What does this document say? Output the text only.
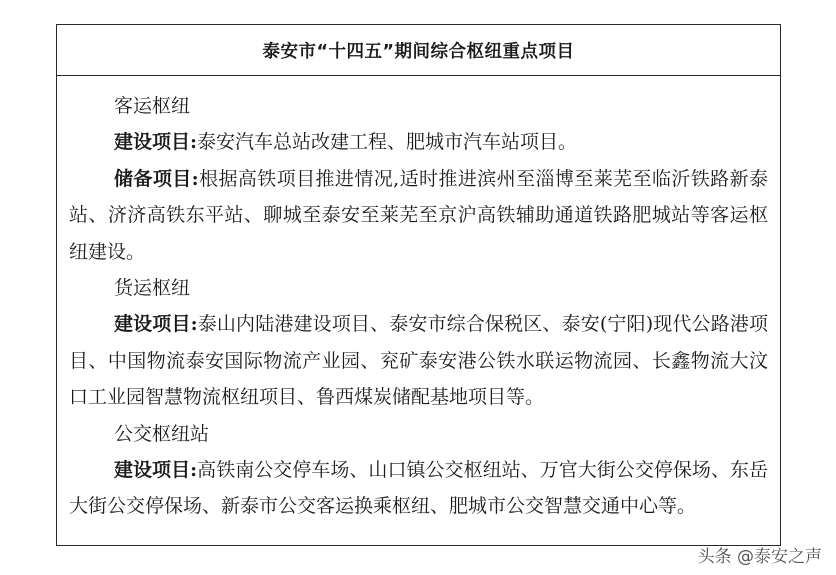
泰安市“十四五”期间综合枢纽重点项目
客运枢纽
建设项目:泰安汽车总站改建工程、肥城市汽车站项目。
储备项目:根据高铁项目推进情况,适时推进滨州至淄博至莱芜至临沂铁路新泰站、济济高铁东平站、聊城至泰安至莱芜至京沪高铁辅助通道铁路肥城站等客运枢纽建设。
货运枢纽
建设项目:泰山内陆港建设项目、泰安市综合保税区、泰安(宁阳)现代公路港项目、中国物流泰安国际物流产业园、兖矿泰安港公铁水联运物流园、长鑫物流大汶口工业园智慧物流枢纽项目、鲁西煤炭储配基地项目等。
公交枢纽站
建设项目:高铁南公交停车场、山口镇公交枢纽站、万官大街公交停保场、东岳大街公交停保场、新泰市公交客运换乘枢纽、肥城市公交智慧交通中心等。
头条 @泰安之声
